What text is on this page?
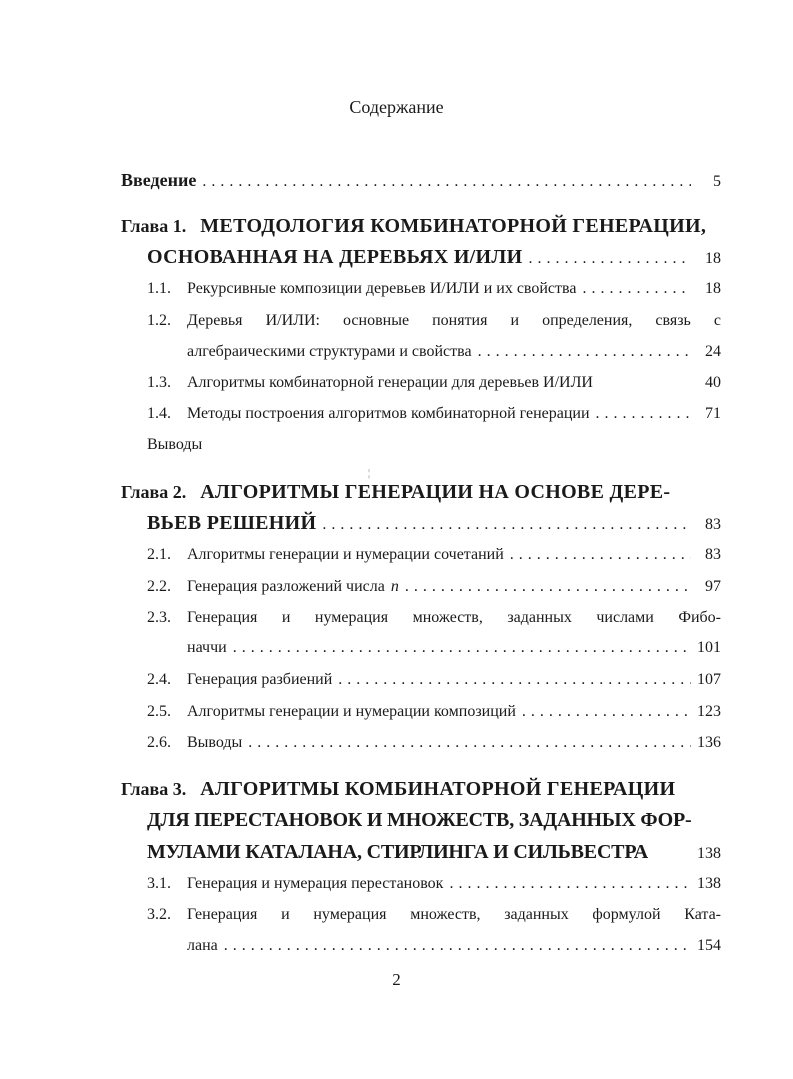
Содержание
Введение . . .	5
Глава 1. МЕТОДОЛОГИЯ КОМБИНАТОРНОЙ ГЕНЕРАЦИИ,
ОСНОВАННАЯ НА ДЕРЕВЬЯХ И/ИЛИ . . .	18
1.1.	Рекурсивные композиции деревьев И/ИЛИ и их свойства . . .	18
1.2.	Деревья И/ИЛИ: основные понятия и определения, связь с
алгебраическими структурами и свойства . . .	24
1.3.	Алгоритмы комбинаторной генерации для деревьев И/ИЛИ	40
1.4.	Методы построения алгоритмов комбинаторной генерации . . .	71
Выводы
¦
Глава 2. АЛГОРИТМЫ ГЕНЕРАЦИИ НА ОСНОВЕ ДЕРЕ-
ВЬЕВ РЕШЕНИЙ . . .	83
2.1.	Алгоритмы генерации и нумерации сочетаний . . .	83
2.2.	Генерация разложений числа n . . .	97
2.3.	Генерация и нумерация множеств, заданных числами Фибо-
наччи . . .	101
2.4.	Генерация разбиений . . .	107
2.5.	Алгоритмы генерации и нумерации композиций . . .	123
2.6.	Выводы . . .	136
Глава 3. АЛГОРИТМЫ КОМБИНАТОРНОЙ ГЕНЕРАЦИИ
ДЛЯ ПЕРЕСТАНОВОК И МНОЖЕСТВ, ЗАДАННЫХ ФОР-
МУЛАМИ КАТАЛАНА, СТИРЛИНГА И СИЛЬВЕСТРА	138
3.1.	Генерация и нумерация перестановок . . .	138
3.2.	Генерация и нумерация множеств, заданных формулой Ката-
лана . . .	154
2
